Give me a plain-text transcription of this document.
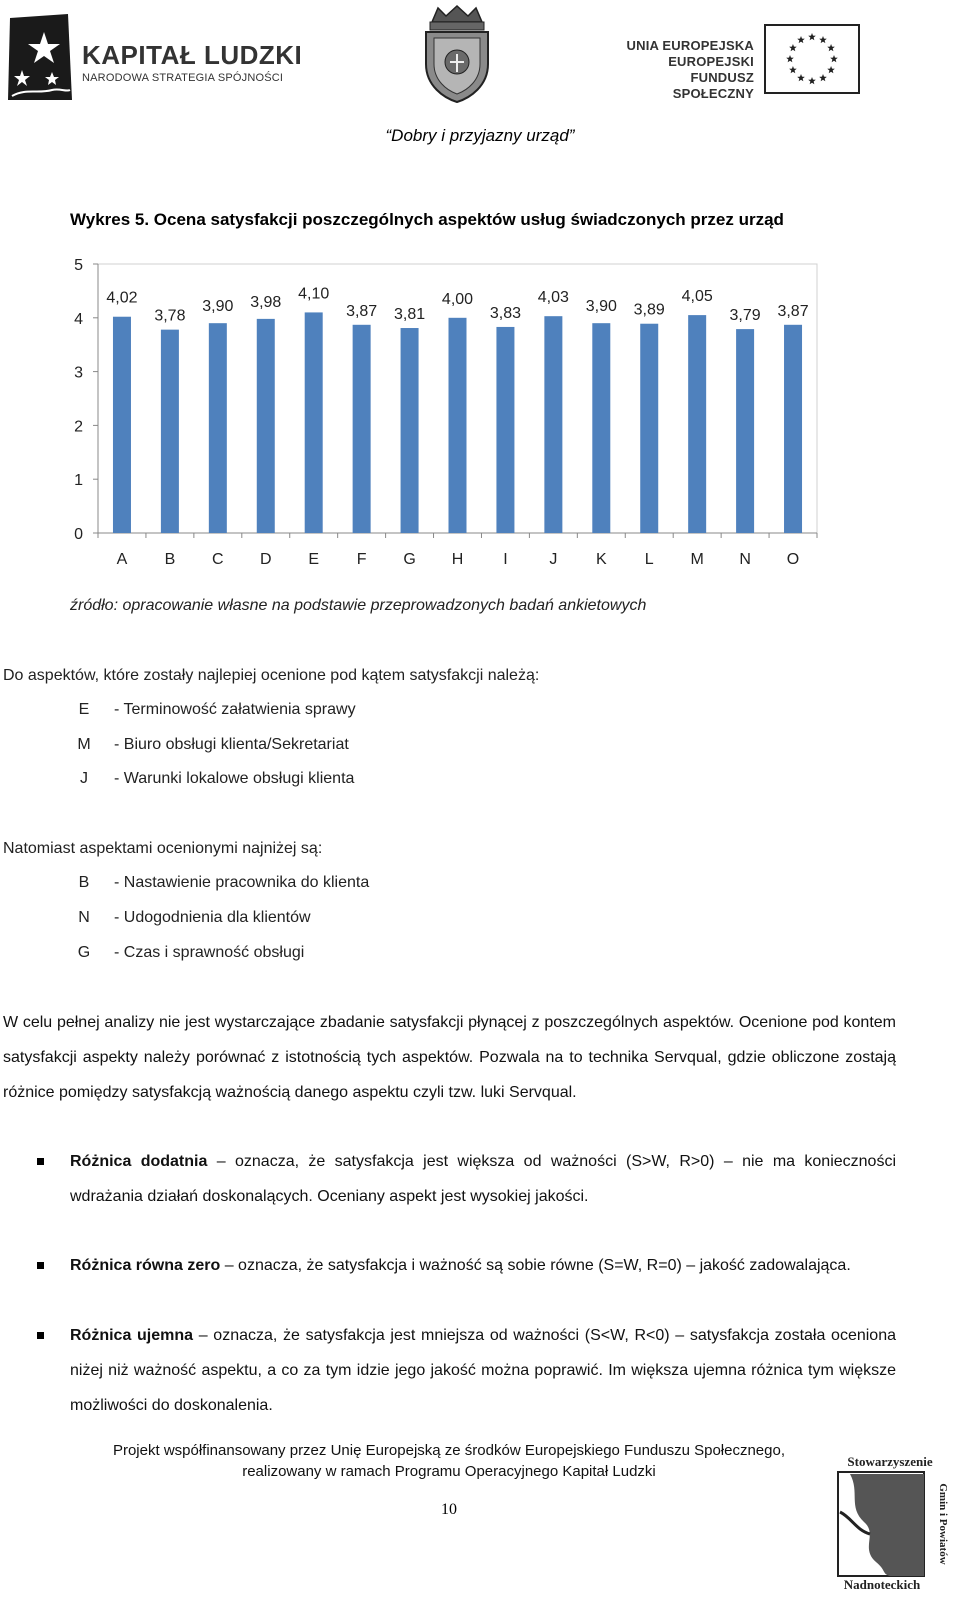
KAPITAŁ LUDZKI
NARODOWA STRATEGIA SPÓJNOŚCI
UNIA EUROPEJSKA
EUROPEJSKI
FUNDUSZ SPOŁECZNY
“Dobry i przyjazny urząd”
Wykres 5. Ocena satysfakcji poszczególnych aspektów usług świadczonych przez urząd
0
1
2
3
4
5
4,02
A
3,78
B
3,90
C
3,98
D
4,10
E
3,87
F
3,81
G
4,00
H
3,83
I
4,03
J
3,90
K
3,89
L
4,05
M
3,79
N
3,87
O
źródło: opracowanie własne na podstawie przeprowadzonych badań ankietowych
Do aspektów, które zostały najlepiej ocenione pod kątem satysfakcji należą:
E - Terminowość załatwienia sprawy
M - Biuro obsługi klienta/Sekretariat
J	- Warunki lokalowe obsługi klienta
Natomiast aspektami ocenionymi najniżej są:
B - Nastawienie pracownika do klienta
N - Udogodnienia dla klientów
G - Czas i sprawność obsługi
W celu pełnej analizy nie jest wystarczające zbadanie satysfakcji płynącej z poszczególnych aspektów. Ocenione pod kontem satysfakcji aspekty należy porównać z istotnością tych aspektów. Pozwala na to technika Servqual, gdzie obliczone zostają różnice pomiędzy satysfakcją ważnością danego aspektu czyli tzw. luki Servqual.
Różnica dodatnia – oznacza, że satysfakcja jest większa od ważności (S>W, R>0) – nie ma konieczności wdrażania działań doskonalących. Oceniany aspekt jest wysokiej jakości.
Różnica równa zero – oznacza, że satysfakcja i ważność są sobie równe (S=W, R=0) – jakość zadowalająca.
Różnica ujemna – oznacza, że satysfakcja jest mniejsza od ważności (S<W, R<0) – satysfakcja została oceniona niżej niż ważność aspektu, a co za tym idzie jego jakość można poprawić. Im większa ujemna różnica tym większe możliwości do doskonalenia.
Projekt współfinansowany przez Unię Europejską ze środków Europejskiego Funduszu Społecznego,
realizowany w ramach Programu Operacyjnego Kapitał Ludzki
10
Stowarzyszenie
Gmin i Powiatów
Nadnoteckich
